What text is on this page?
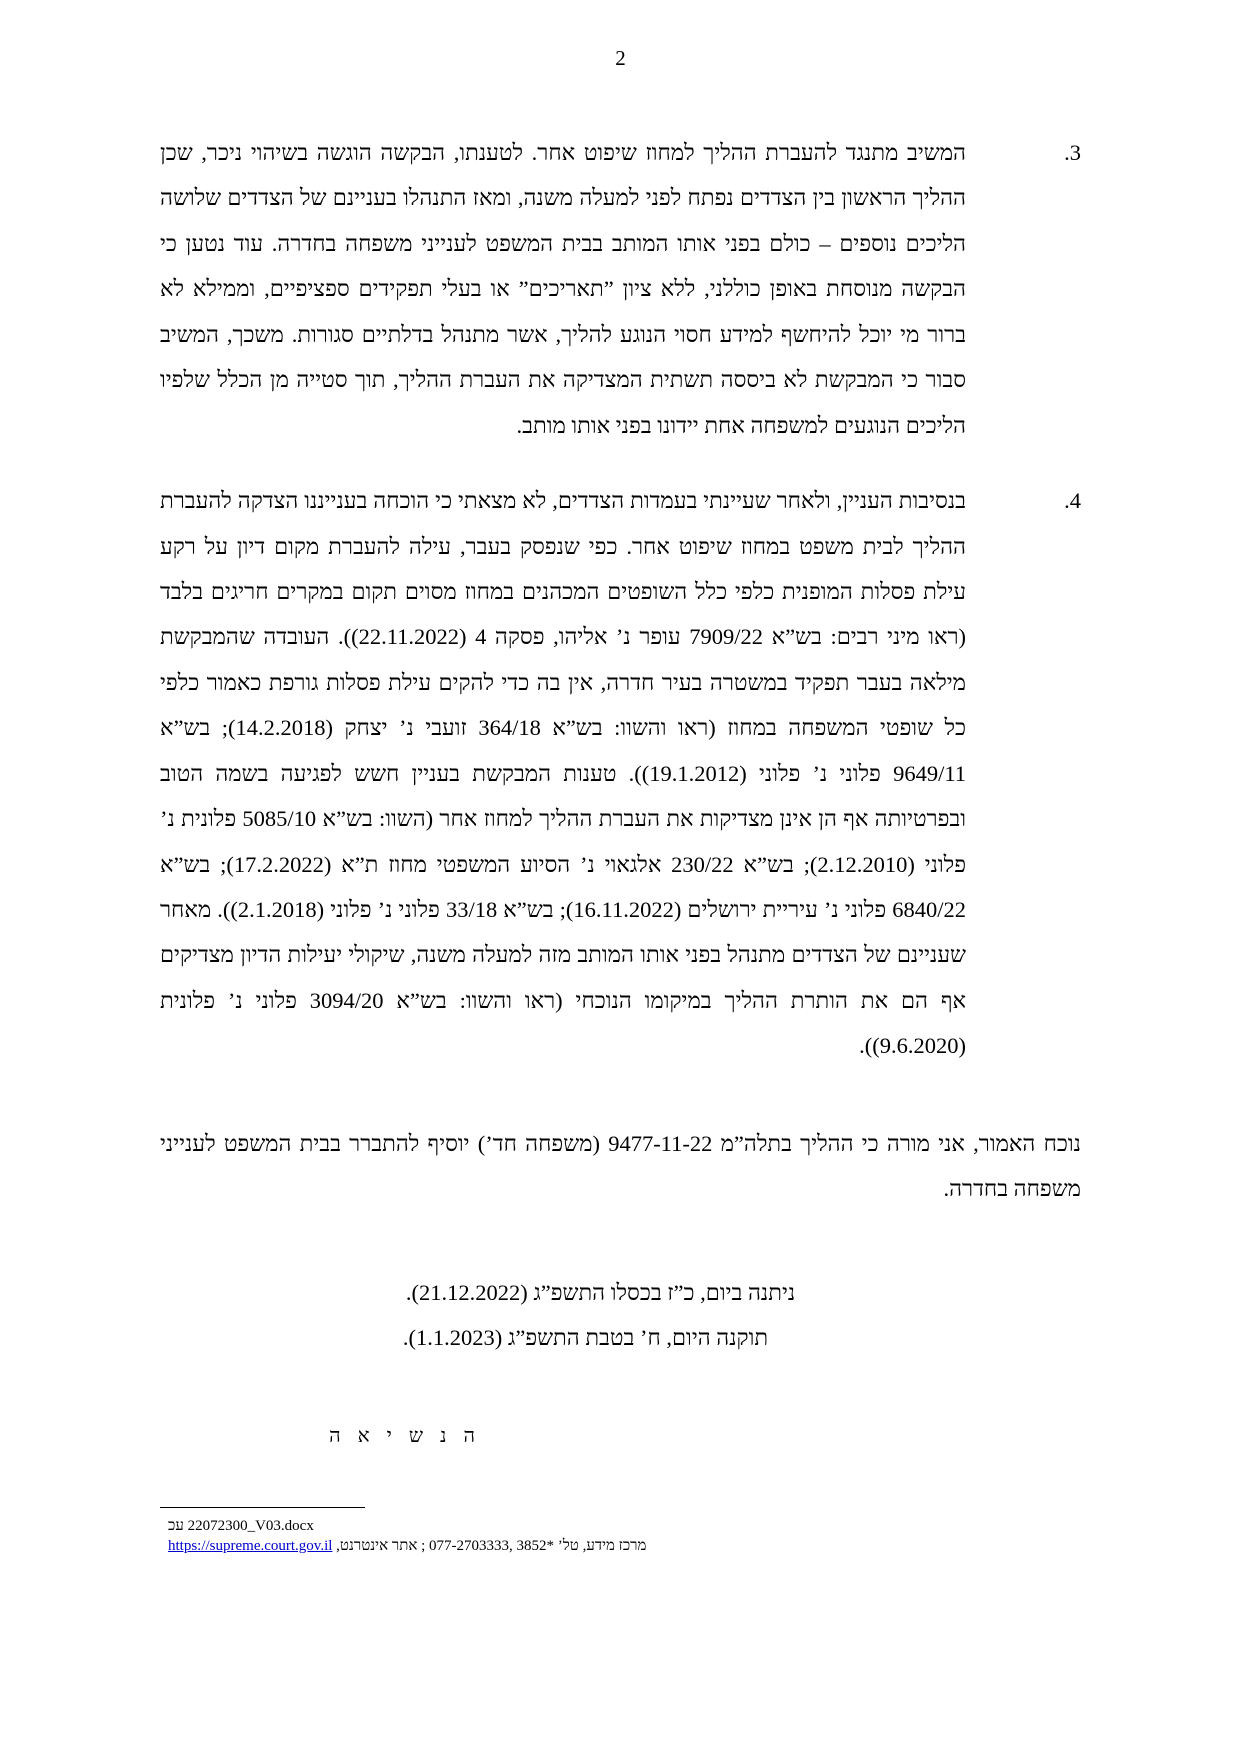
2
.3
המשיב מתנגד להעברת ההליך למחוז שיפוט אחר. לטענתו, הבקשה הוגשה בשיהוי ניכר, שכן ההליך הראשון בין הצדדים נפתח לפני למעלה משנה, ומאז התנהלו בעניינם של הצדדים שלושה הליכים נוספים – כולם בפני אותו המותב בבית המשפט לענייני משפחה בחדרה. עוד נטען כי הבקשה מנוסחת באופן כוללני, ללא ציון ”תאריכים” או בעלי תפקידים ספציפיים, וממילא לא ברור מי יוכל להיחשף למידע חסוי הנוגע להליך, אשר מתנהל בדלתיים סגורות. משכך, המשיב סבור כי המבקשת לא ביססה תשתית המצדיקה את העברת ההליך, תוך סטייה מן הכלל שלפיו הליכים הנוגעים למשפחה אחת יידונו בפני אותו מותב.
.4
בנסיבות העניין, ולאחר שעיינתי בעמדות הצדדים, לא מצאתי כי הוכחה בענייננו הצדקה להעברת ההליך לבית משפט במחוז שיפוט אחר. כפי שנפסק בעבר, עילה להעברת מקום דיון על רקע עילת פסלות המופנית כלפי כלל השופטים המכהנים במחוז מסוים תקום במקרים חריגים בלבד (ראו מיני רבים: בש”א 7909/22 עופר נ’ אליהו, פסקה 4 (22.11.2022)). העובדה שהמבקשת מילאה בעבר תפקיד במשטרה בעיר חדרה, אין בה כדי להקים עילת פסלות גורפת כאמור כלפי כל שופטי המשפחה במחוז (ראו והשוו: בש”א 364/18 זועבי נ’ יצחק (14.2.2018); בש”א 9649/11 פלוני נ’ פלוני (19.1.2012)). טענות המבקשת בעניין חשש לפגיעה בשמה הטוב ובפרטיותה אף הן אינן מצדיקות את העברת ההליך למחוז אחר (השוו: בש”א 5085/10 פלונית נ’ פלוני (2.12.2010); בש”א 230/22 אלגאוי נ’ הסיוע המשפטי מחוז ת”א (17.2.2022); בש”א 6840/22 פלוני נ’ עיריית ירושלים (16.11.2022); בש”א 33/18 פלוני נ’ פלוני (2.1.2018)). מאחר שעניינם של הצדדים מתנהל בפני אותו המותב מזה למעלה משנה, שיקולי יעילות הדיון מצדיקים אף הם את הותרת ההליך במיקומו הנוכחי (ראו והשוו: בש”א 3094/20 פלוני נ’ פלונית (9.6.2020)).
נוכח האמור, אני מורה כי ההליך בתלה”מ 9477-11-22 (משפחה חד’) יוסיף להתברר בבית המשפט לענייני משפחה בחדרה.
ניתנה ביום, כ”ז בכסלו התשפ”ג (21.12.2022).
תוקנה היום, ח’ בטבת התשפ”ג (1.1.2023).
ה נ ש י א ה
22072300_V03.docx עכ
מרכז מידע, טל’ 077-2703333, 3852* ; אתר אינטרנט, https://supreme.court.gov.il
